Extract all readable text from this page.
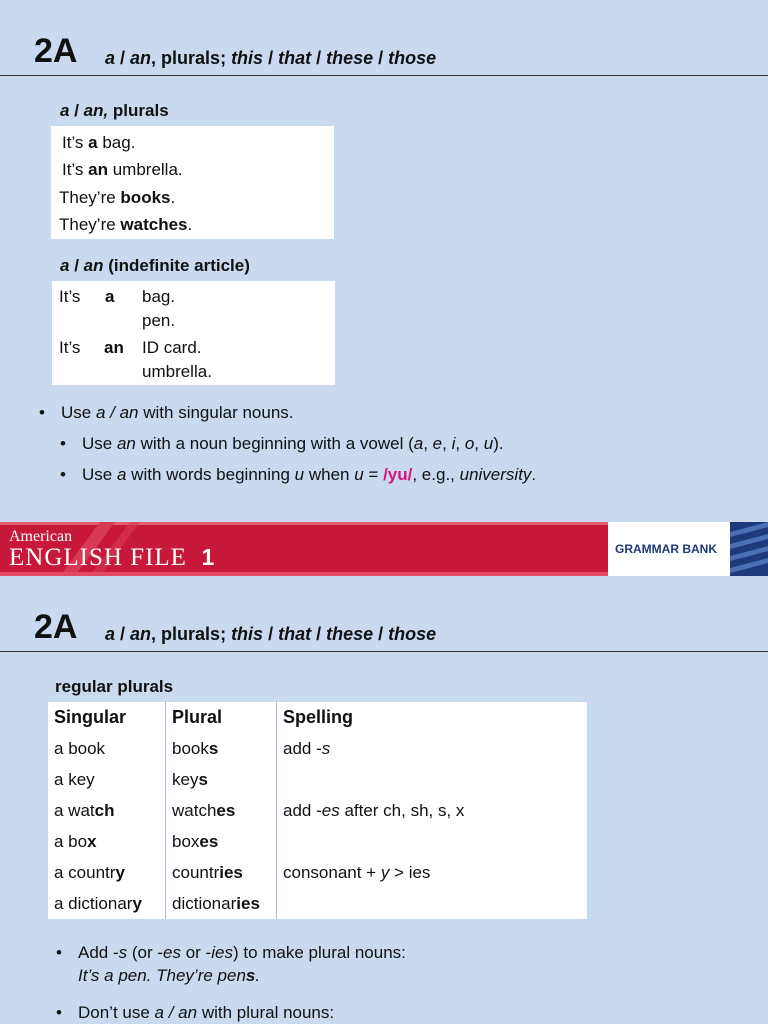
2A a / an, plurals; this / that / these / those
a / an, plurals
It’s a bag.
It’s an umbrella.
They’re books.
They’re watches.
a / an (indefinite article)
It’s a bag.
pen.
It’s an ID card.
umbrella.
• Use a / an with singular nouns.
• Use an with a noun beginning with a vowel (a, e, i, o, u).
• Use a with words beginning u when u = /yu/, e.g., university.
American
ENGLISH FILE 1	GRAMMAR BANK
2A a / an, plurals; this / that / these / those
regular plurals
Singular	Plural	Spelling
a book	books	add -s
a key	keys	
a watch	watches	add -es after ch, sh, s, x
a box	boxes	
a country	countries	consonant + y > ies
a dictionary	dictionaries	
• Add -s (or -es or -ies) to make plural nouns:
It’s a pen. They’re pens.
• Don’t use a / an with plural nouns:
